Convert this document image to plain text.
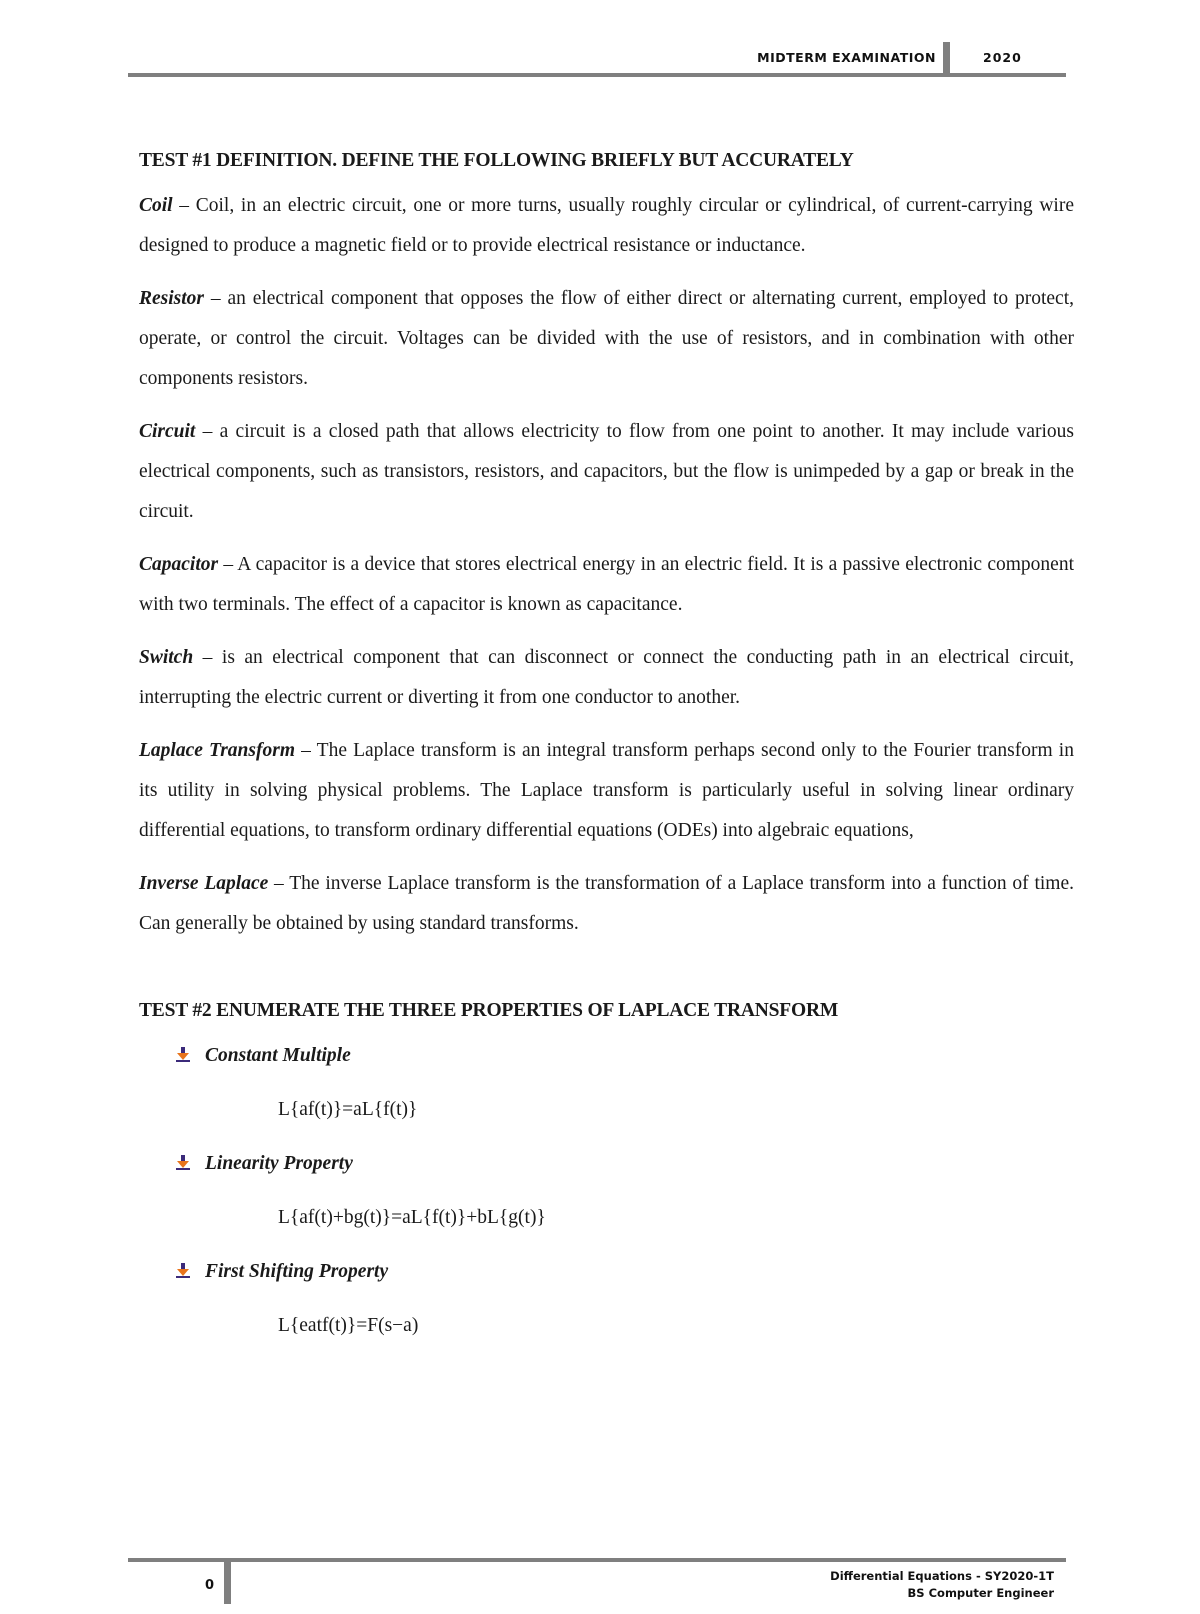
MIDTERM EXAMINATION	2020
TEST #1 DEFINITION. DEFINE THE FOLLOWING BRIEFLY BUT ACCURATELY

Coil – Coil, in an electric circuit, one or more turns, usually roughly circular or cylindrical, of current-carrying wire designed to produce a magnetic field or to provide electrical resistance or inductance.

Resistor – an electrical component that opposes the flow of either direct or alternating current, employed to protect, operate, or control the circuit. Voltages can be divided with the use of resistors, and in combination with other components resistors.

Circuit – a circuit is a closed path that allows electricity to flow from one point to another. It may include various electrical components, such as transistors, resistors, and capacitors, but the flow is unimpeded by a gap or break in the circuit.

Capacitor – A capacitor is a device that stores electrical energy in an electric field. It is a passive electronic component with two terminals. The effect of a capacitor is known as capacitance.

Switch – is an electrical component that can disconnect or connect the conducting path in an electrical circuit, interrupting the electric current or diverting it from one conductor to another.

Laplace Transform – The Laplace transform is an integral transform perhaps second only to the Fourier transform in its utility in solving physical problems. The Laplace transform is particularly useful in solving linear ordinary differential equations, to transform ordinary differential equations (ODEs) into algebraic equations,

Inverse Laplace – The inverse Laplace transform is the transformation of a Laplace transform into a function of time. Can generally be obtained by using standard transforms.

TEST #2 ENUMERATE THE THREE PROPERTIES OF LAPLACE TRANSFORM
Constant Multiple
L{af(t)}=aL{f(t)}
Linearity Property
L{af(t)+bg(t)}=aL{f(t)}+bL{g(t)}
First Shifting Property
L{eatf(t)}=F(s−a)
0
Differential Equations - SY2020-1T
BS Computer Engineer
